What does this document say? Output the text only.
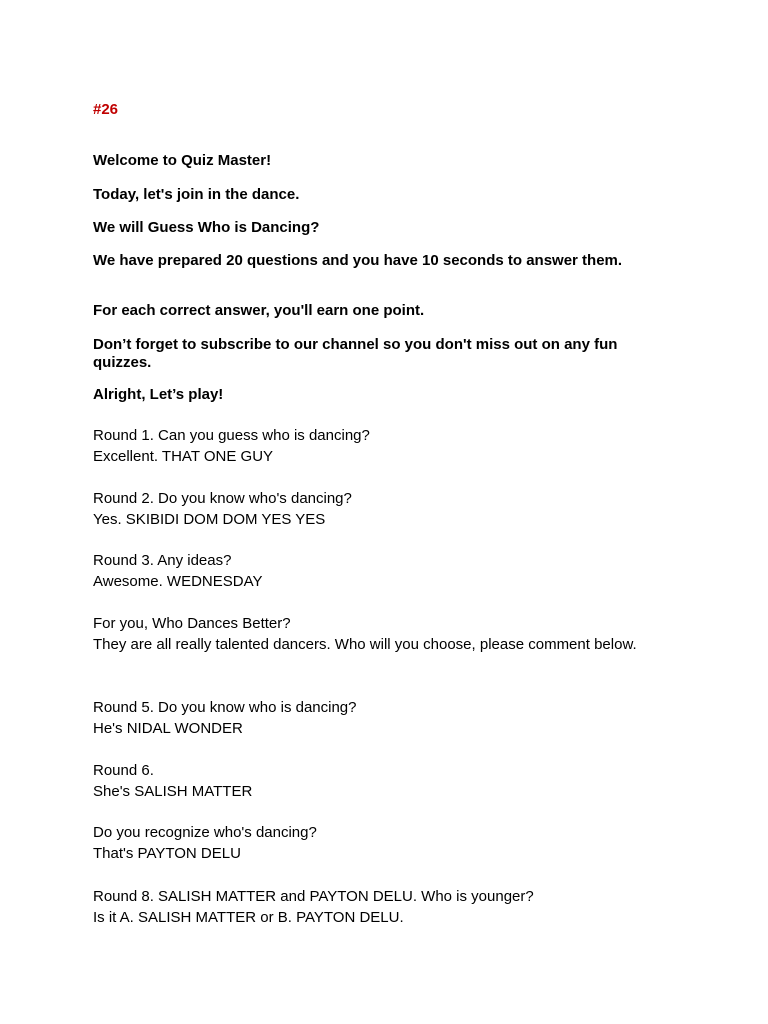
#26
Welcome to Quiz Master!
Today, let's join in the dance.
We will Guess Who is Dancing?
We have prepared 20 questions and you have 10 seconds to answer them.
For each correct answer, you'll earn one point.
Don’t forget to subscribe to our channel so you don't miss out on any fun quizzes.
Alright, Let’s play!
Round 1. Can you guess who is dancing?
Excellent. THAT ONE GUY
Round 2. Do you know who's dancing?
Yes. SKIBIDI DOM DOM YES YES
Round 3. Any ideas?
Awesome. WEDNESDAY
For you, Who Dances Better?
They are all really talented dancers. Who will you choose, please comment below.
Round 5. Do you know who is dancing?
He's NIDAL WONDER
Round 6.
She's SALISH MATTER
Do you recognize who's dancing?
That's PAYTON DELU
Round 8. SALISH MATTER and PAYTON DELU. Who is younger?
Is it A. SALISH MATTER or B. PAYTON DELU.
